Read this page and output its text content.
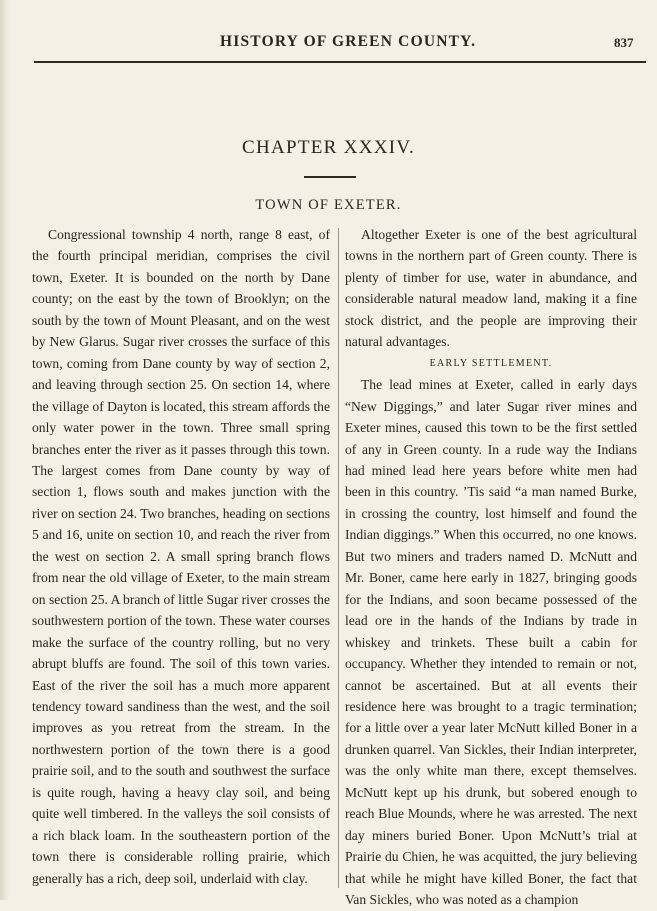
HISTORY OF GREEN COUNTY.	837
CHAPTER XXXIV.
TOWN OF EXETER.

Congressional township 4 north, range 8 east, of the fourth principal meridian, comprises the civil town, Exeter. It is bounded on the north by Dane county; on the east by the town of Brooklyn; on the south by the town of Mount Pleasant, and on the west by New Glarus. Sugar river crosses the surface of this town, coming from Dane county by way of section 2, and leaving through section 25. On section 14, where the village of Dayton is located, this stream affords the only water power in the town. Three small spring branches enter the river as it passes through this town. The largest comes from Dane county by way of section 1, flows south and makes junction with the river on section 24. Two branches, heading on sections 5 and 16, unite on section 10, and reach the river from the west on section 2. A small spring branch flows from near the old village of Exeter, to the main stream on section 25. A branch of little Sugar river crosses the southwestern portion of the town. These water courses make the surface of the country rolling, but no very abrupt bluffs are found. The soil of this town varies. East of the river the soil has a much more apparent tendency toward sandiness than the west, and the soil improves as you retreat from the stream. In the northwestern portion of the town there is a good prairie soil, and to the south and southwest the surface is quite rough, having a heavy clay soil, and being quite well timbered. In the valleys the soil consists of a rich black loam. In the southeastern portion of the town there is considerable rolling prairie, which generally has a rich, deep soil, underlaid with clay.

Altogether Exeter is one of the best agricultural towns in the northern part of Green county. There is plenty of timber for use, water in abundance, and considerable natural meadow land, making it a fine stock district, and the people are improving their natural advantages.

EARLY SETTLEMENT.

The lead mines at Exeter, called in early days “New Diggings,” and later Sugar river mines and Exeter mines, caused this town to be the first settled of any in Green county. In a rude way the Indians had mined lead here years before white men had been in this country. ’Tis said “a man named Burke, in crossing the country, lost himself and found the Indian diggings.” When this occurred, no one knows. But two miners and traders named D. McNutt and Mr. Boner, came here early in 1827, bringing goods for the Indians, and soon became possessed of the lead ore in the hands of the Indians by trade in whiskey and trinkets. These built a cabin for occupancy. Whether they intended to remain or not, cannot be ascertained. But at all events their residence here was brought to a tragic termination; for a little over a year later McNutt killed Boner in a drunken quarrel. Van Sickles, their Indian interpreter, was the only white man there, except themselves. McNutt kept up his drunk, but sobered enough to reach Blue Mounds, where he was arrested. The next day miners buried Boner. Upon McNutt’s trial at Prairie du Chien, he was acquitted, the jury believing that while he might have killed Boner, the fact that Van Sickles, who was noted as a champion
